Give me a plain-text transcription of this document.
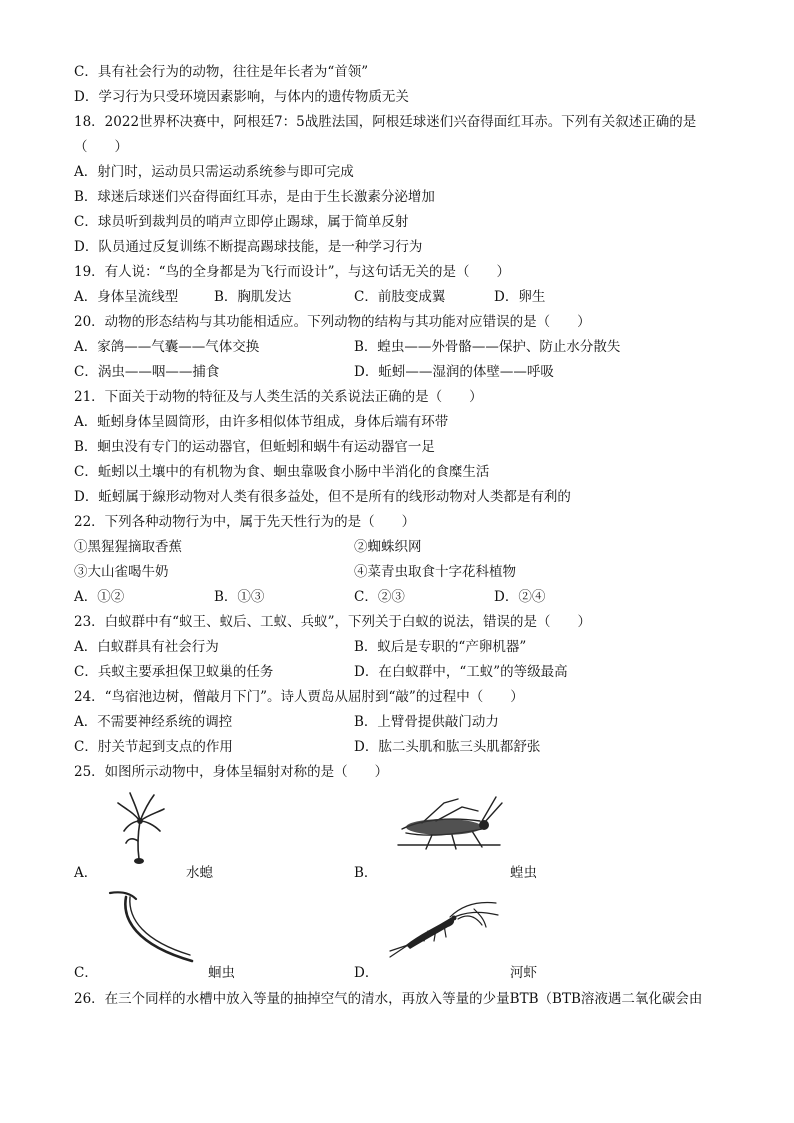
C．具有社会行为的动物，往往是年长者为“首领”
D．学习行为只受环境因素影响，与体内的遗传物质无关
18．2022世界杯决赛中，阿根廷7：5战胜法国，阿根廷球迷们兴奋得面红耳赤。下列有关叙述正确的是
（　　）
A．射门时，运动员只需运动系统参与即可完成
B．球迷后球迷们兴奋得面红耳赤，是由于生长激素分泌增加
C．球员听到裁判员的哨声立即停止踢球，属于简单反射
D．队员通过反复训练不断提高踢球技能，是一种学习行为
19．有人说：“鸟的全身都是为飞行而设计”，与这句话无关的是（　　）
A．身体呈流线型	B．胸肌发达	C．前肢变成翼	D．卵生
20．动物的形态结构与其功能相适应。下列动物的结构与其功能对应错误的是（　　）
A．家鸽——气囊——气体交换	B．蝗虫——外骨骼——保护、防止水分散失
C．涡虫——咽——捕食	D．蚯蚓——湿润的体壁——呼吸
21．下面关于动物的特征及与人类生活的关系说法正确的是（　　）
A．蚯蚓身体呈圆筒形，由许多相似体节组成，身体后端有环带
B．蛔虫没有专门的运动器官，但蚯蚓和蜗牛有运动器官一足
C．蚯蚓以土壤中的有机物为食、蛔虫靠吸食小肠中半消化的食糜生活
D．蚯蚓属于線形动物对人类有很多益处，但不是所有的线形动物对人类都是有利的
22．下列各种动物行为中，属于先天性行为的是（　　）
①黑猩猩摘取香蕉	②蜘蛛织网
③大山雀喝牛奶	④菜青虫取食十字花科植物
A．①②	B．①③	C．②③	D．②④
23．白蚁群中有“蚁王、蚁后、工蚁、兵蚁”，下列关于白蚁的说法，错误的是（　　）
A．白蚁群具有社会行为	B．蚁后是专职的“产卵机器”
C．兵蚁主要承担保卫蚁巢的任务	D．在白蚁群中，“工蚁”的等级最高
24．“鸟宿池边树，僧敲月下门”。诗人贾岛从屈肘到“敲”的过程中（　　）
A．不需要神经系统的调控	B．上臂骨提供敲门动力
C．肘关节起到支点的作用	D．肱二头肌和肱三头肌都舒张
25．如图所示动物中，身体呈辐射对称的是（　　）
A．	水螅	B．	蝗虫
C．	蛔虫	D．	河虾
26．在三个同样的水槽中放入等量的抽掉空气的清水，再放入等量的少量BTB（BTB溶液遇二氧化碳会由
